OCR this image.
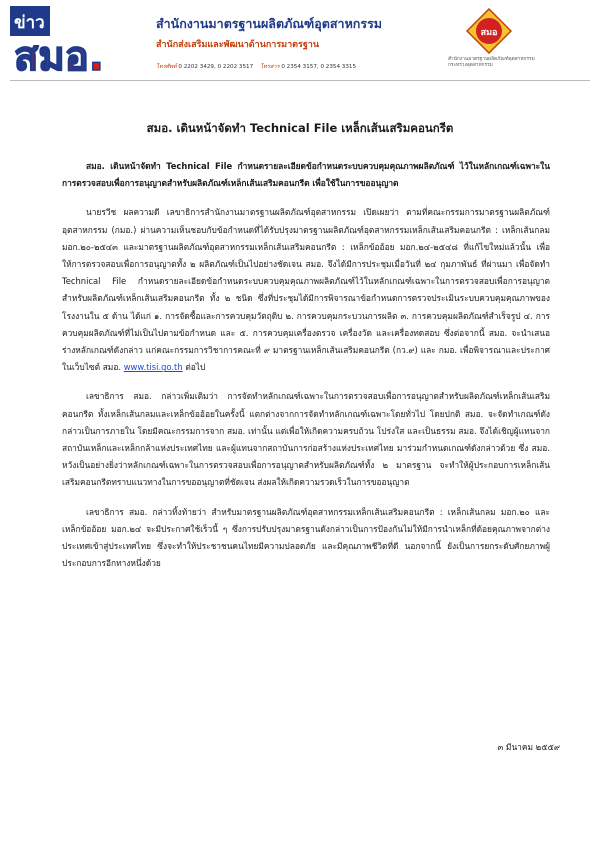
ข่าว
สมอ.
สำนักงานมาตรฐานผลิตภัณฑ์อุตสาหกรรม
สำนักส่งเสริมและพัฒนาด้านการมาตรฐาน
โทรศัพท์ 0 2202 3429, 0 2202 3517 โทรสาร 0 2354 3157, 0 2354 3315
สมอ
สำนักงานมาตรฐานผลิตภัณฑ์อุตสาหกรรม
กระทรวงอุตสาหกรรม
สมอ. เดินหน้าจัดทำ Technical File เหล็กเส้นเสริมคอนกรีต

สมอ. เดินหน้าจัดทำ Technical File กำหนดรายละเอียดข้อกำหนดระบบควบคุมคุณภาพผลิตภัณฑ์ ไว้ในหลักเกณฑ์เฉพาะในการตรวจสอบเพื่อการอนุญาตสำหรับผลิตภัณฑ์เหล็กเส้นเสริมคอนกรีต เพื่อใช้ในการขออนุญาต

นายรวีช ผลความดี เลขาธิการสำนักงานมาตรฐานผลิตภัณฑ์อุตสาหกรรม เปิดเผยว่า ตามที่คณะกรรมการมาตรฐานผลิตภัณฑ์อุตสาหกรรม (กมอ.) ผ่านความเห็นชอบกับข้อกำหนดที่ได้รับปรุงมาตรฐานผลิตภัณฑ์อุตสาหกรรมเหล็กเส้นเสริมคอนกรีต : เหล็กเส้นกลม มอก.๒๐-๒๕๔๓ และมาตรฐานผลิตภัณฑ์อุตสาหกรรมเหล็กเส้นเสริมคอนกรีต : เหล็กข้ออ้อย มอก.๒๔-๒๕๔๘ ที่แก้ไขใหม่แล้วนั้น เพื่อให้การตรวจสอบเพื่อการอนุญาตทั้ง ๒ ผลิตภัณฑ์เป็นไปอย่างชัดเจน สมอ. จึงได้มีการประชุมเมื่อวันที่ ๒๔ กุมภาพันธ์ ที่ผ่านมา เพื่อจัดทำ Technical File กำหนดรายละเอียดข้อกำหนดระบบควบคุมคุณภาพผลิตภัณฑ์ไว้ในหลักเกณฑ์เฉพาะในการตรวจสอบเพื่อการอนุญาตสำหรับผลิตภัณฑ์เหล็กเส้นเสริมคอนกรีต ทั้ง ๒ ชนิด ซึ่งที่ประชุมได้มีการพิจารณาข้อกำหนดการตรวจประเมินระบบควบคุมคุณภาพของโรงงานใน ๕ ด้าน ได้แก่ ๑. การจัดซื้อและการควบคุมวัตถุดิบ ๒. การควบคุมกระบวนการผลิต ๓. การควบคุมผลิตภัณฑ์สำเร็จรูป ๔. การควบคุมผลิตภัณฑ์ที่ไม่เป็นไปตามข้อกำหนด และ ๕. การควบคุมเครื่องตรวจ เครื่องวัด และเครื่องทดสอบ ซึ่งต่อจากนี้ สมอ. จะนำเสนอร่างหลักเกณฑ์ดังกล่าว แก่คณะกรรมการวิชาการคณะที่ ๙ มาตรฐานเหล็กเส้นเสริมคอนกรีต (กว.๙) และ กมอ. เพื่อพิจารณาและประกาศในเว็บไซต์ สมอ. www.tisi.go.th ต่อไป

เลขาธิการ สมอ. กล่าวเพิ่มเติมว่า การจัดทำหลักเกณฑ์เฉพาะในการตรวจสอบเพื่อการอนุญาตสำหรับผลิตภัณฑ์เหล็กเส้นเสริมคอนกรีต ทั้งเหล็กเส้นกลมและเหล็กข้ออ้อยในครั้งนี้ แตกต่างจากการจัดทำหลักเกณฑ์เฉพาะโดยทั่วไป โดยปกติ สมอ. จะจัดทำเกณฑ์ดังกล่าวเป็นการภายใน โดยมีคณะกรรมการจาก สมอ. เท่านั้น แต่เพื่อให้เกิดความครบถ้วน โปร่งใส และเป็นธรรม สมอ. จึงได้เชิญผู้แทนจากสถาบันเหล็กและเหล็กกล้าแห่งประเทศไทย และผู้แทนจากสถาบันการก่อสร้างแห่งประเทศไทย มาร่วมกำหนดเกณฑ์ดังกล่าวด้วย ซึ่ง สมอ. หวังเป็นอย่างยิ่งว่าหลักเกณฑ์เฉพาะในการตรวจสอบเพื่อการอนุญาตสำหรับผลิตภัณฑ์ทั้ง ๒ มาตรฐาน จะทำให้ผู้ประกอบการเหล็กเส้นเสริมคอนกรีตทราบแนวทางในการขออนุญาตที่ชัดเจน ส่งผลให้เกิดความรวดเร็วในการขออนุญาต

เลขาธิการ สมอ. กล่าวทิ้งท้ายว่า สำหรับมาตรฐานผลิตภัณฑ์อุตสาหกรรมเหล็กเส้นเสริมคอนกรีต : เหล็กเส้นกลม มอก.๒๐ และเหล็กข้ออ้อย มอก.๒๔ จะมีประกาศใช้เร็วนี้ ๆ ซึ่งการปรับปรุงมาตรฐานดังกล่าวเป็นการป้องกันไม่ให้มีการนำเหล็กที่ด้อยคุณภาพจากต่างประเทศเข้าสู่ประเทศไทย ซึ่งจะทำให้ประชาชนคนไทยมีความปลอดภัย และมีคุณภาพชีวิตที่ดี นอกจากนี้ ยังเป็นการยกระดับศักยภาพผู้ประกอบการอีกทางหนึ่งด้วย

๓ มีนาคม ๒๕๕๙
